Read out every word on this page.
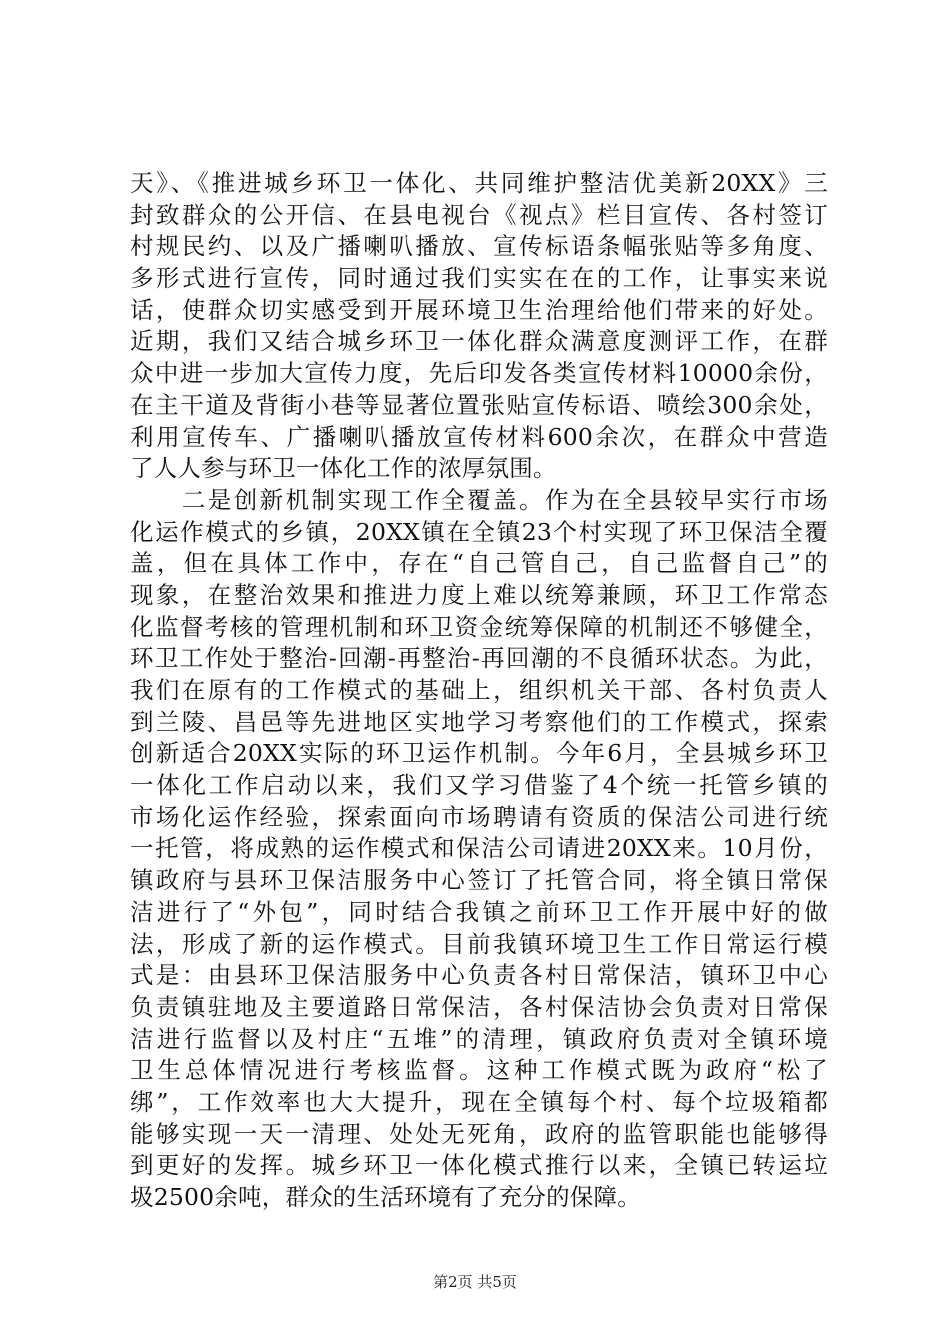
天》、《推进城乡环卫一体化、共同维护整洁优美新20XX》三
封致群众的公开信、在县电视台《视点》栏目宣传、各村签订
村规民约、以及广播喇叭播放、宣传标语条幅张贴等多角度、
多形式进行宣传，同时通过我们实实在在的工作，让事实来说
话，使群众切实感受到开展环境卫生治理给他们带来的好处。
近期，我们又结合城乡环卫一体化群众满意度测评工作，在群
众中进一步加大宣传力度，先后印发各类宣传材料10000余份，
在主干道及背街小巷等显著位置张贴宣传标语、喷绘300余处，
利用宣传车、广播喇叭播放宣传材料600余次，在群众中营造
了人人参与环卫一体化工作的浓厚氛围。
　　二是创新机制实现工作全覆盖。作为在全县较早实行市场
化运作模式的乡镇，20XX镇在全镇23个村实现了环卫保洁全覆
盖，但在具体工作中，存在“自己管自己，自己监督自己”的
现象，在整治效果和推进力度上难以统筹兼顾，环卫工作常态
化监督考核的管理机制和环卫资金统筹保障的机制还不够健全，
环卫工作处于整治-回潮-再整治-再回潮的不良循环状态。为此，
我们在原有的工作模式的基础上，组织机关干部、各村负责人
到兰陵、昌邑等先进地区实地学习考察他们的工作模式，探索
创新适合20XX实际的环卫运作机制。今年6月，全县城乡环卫
一体化工作启动以来，我们又学习借鉴了4个统一托管乡镇的
市场化运作经验，探索面向市场聘请有资质的保洁公司进行统
一托管，将成熟的运作模式和保洁公司请进20XX来。10月份，
镇政府与县环卫保洁服务中心签订了托管合同，将全镇日常保
洁进行了“外包”，同时结合我镇之前环卫工作开展中好的做
法，形成了新的运作模式。目前我镇环境卫生工作日常运行模
式是：由县环卫保洁服务中心负责各村日常保洁，镇环卫中心
负责镇驻地及主要道路日常保洁，各村保洁协会负责对日常保
洁进行监督以及村庄“五堆”的清理，镇政府负责对全镇环境
卫生总体情况进行考核监督。这种工作模式既为政府“松了
绑”，工作效率也大大提升，现在全镇每个村、每个垃圾箱都
能够实现一天一清理、处处无死角，政府的监管职能也能够得
到更好的发挥。城乡环卫一体化模式推行以来，全镇已转运垃
圾2500余吨，群众的生活环境有了充分的保障。
第2页 共5页
